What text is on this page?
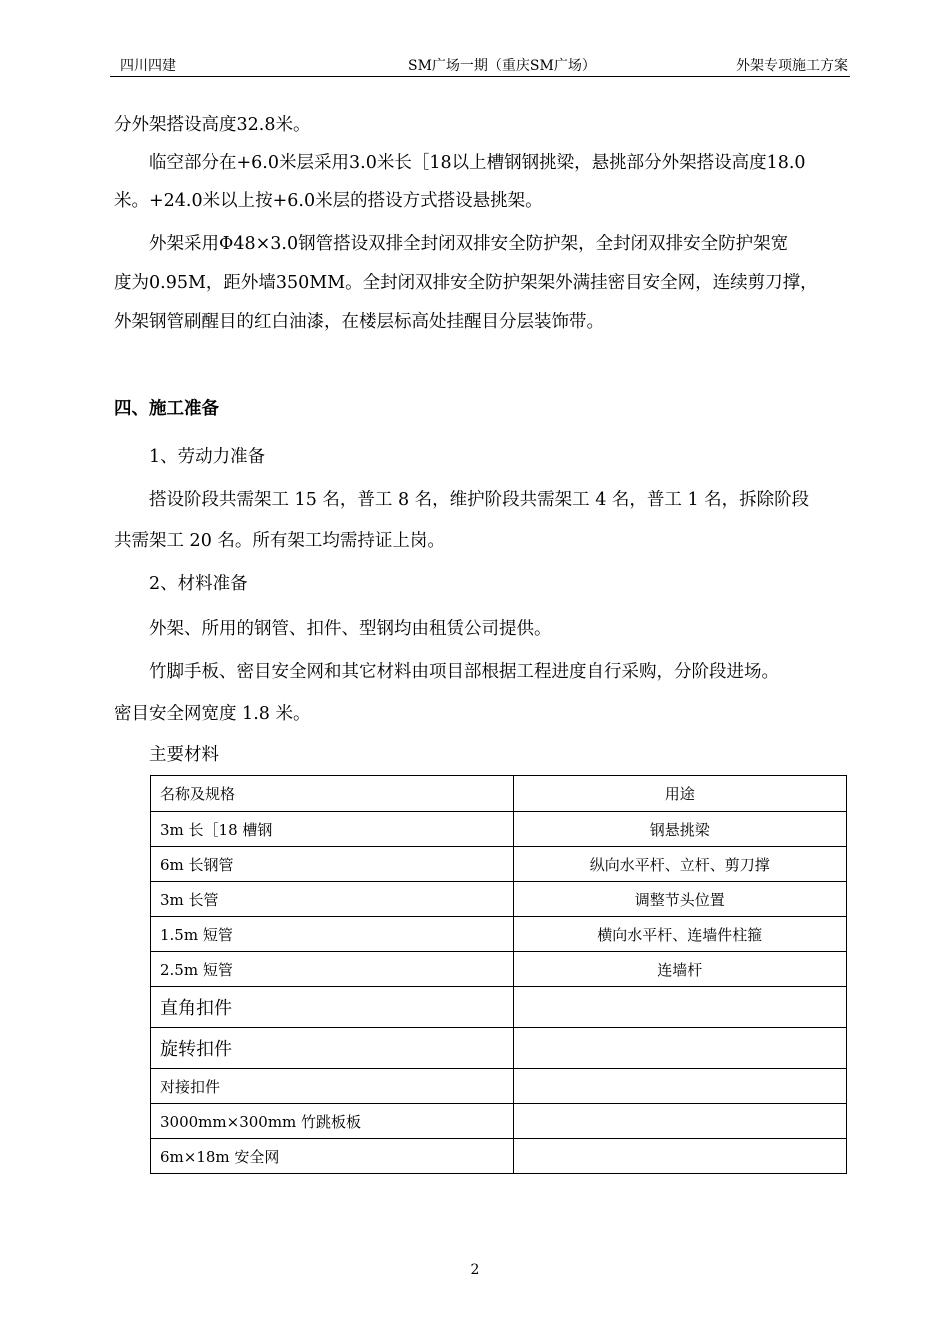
四川四建	SM广场一期（重庆SM广场）	外架专项施工方案
分外架搭设高度32.8米。
临空部分在+6.0米层采用3.0米长［18以上槽钢钢挑梁，悬挑部分外架搭设高度18.0
米。+24.0米以上按+6.0米层的搭设方式搭设悬挑架。
外架采用Φ48×3.0钢管搭设双排全封闭双排安全防护架，全封闭双排安全防护架宽
度为0.95M，距外墙350MM。全封闭双排安全防护架架外满挂密目安全网，连续剪刀撑，
外架钢管刷醒目的红白油漆，在楼层标高处挂醒目分层装饰带。
四、施工准备
1、劳动力准备
搭设阶段共需架工 15 名，普工 8 名，维护阶段共需架工 4 名，普工 1 名，拆除阶段
共需架工 20 名。所有架工均需持证上岗。
2、材料准备
外架、所用的钢管、扣件、型钢均由租赁公司提供。
竹脚手板、密目安全网和其它材料由项目部根据工程进度自行采购，分阶段进场。
密目安全网宽度 1.8 米。
主要材料
名称及规格	用途
3m 长［18 槽钢	钢悬挑梁
6m 长钢管	纵向水平杆、立杆、剪刀撑
3m 长管	调整节头位置
1.5m 短管	横向水平杆、连墙件柱箍
2.5m 短管	连墙杆
直角扣件	
旋转扣件	
对接扣件	
3000mm×300mm 竹跳板板	
6m×18m 安全网	
2
